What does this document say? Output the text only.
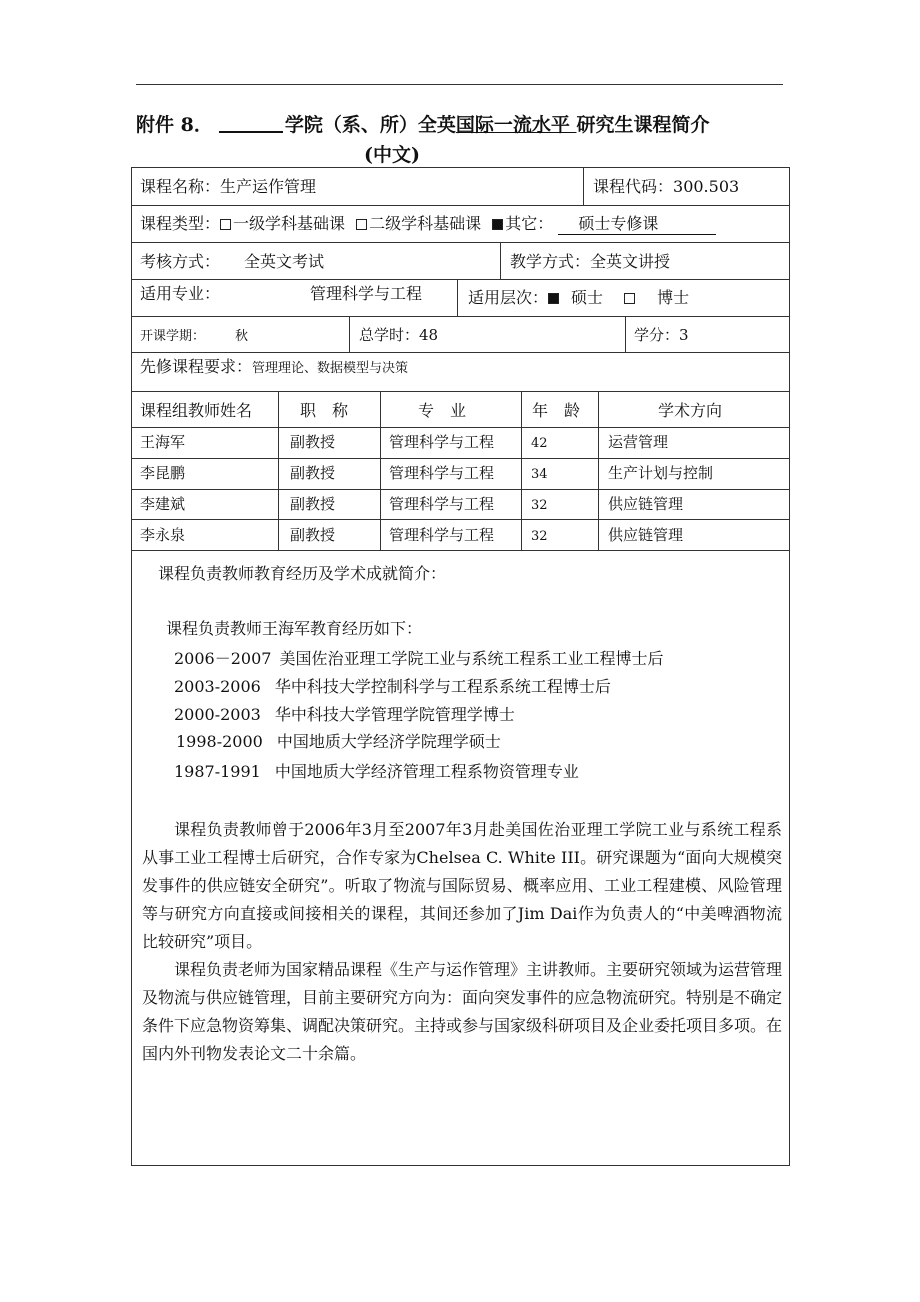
附件 8．	学院（系、所）全英国际一流水平 研究生课程简介
(中文)
课程名称：生产运作管理	课程代码：300.503
课程类型： 一级学科基础课 二级学科基础课 其它： 硕士专修课
考核方式： 全英文考试	教学方式：全英文讲授
适用专业：	管理科学与工程	适用层次： 硕士	博士
开课学期： 秋	总学时：48	学分：3
先修课程要求：管理理论、数据模型与决策
课程组教师姓名	职　称	专　业	年　龄	学术方向
王海军	副教授	管理科学与工程	42	运营管理
李昆鹏	副教授	管理科学与工程	34	生产计划与控制
李建斌	副教授	管理科学与工程	32	供应链管理
李永泉	副教授	管理科学与工程	32	供应链管理
课程负责教师教育经历及学术成就简介：
课程负责教师王海军教育经历如下：
2006－2007 美国佐治亚理工学院工业与系统工程系工业工程博士后
2003-2006 华中科技大学控制科学与工程系系统工程博士后
2000-2003 华中科技大学管理学院管理学博士
1998-2000 中国地质大学经济学院理学硕士
1987-1991 中国地质大学经济管理工程系物资管理专业
课程负责教师曾于2006年3月至2007年3月赴美国佐治亚理工学院工业与系统工程系从事工业工程博士后研究，合作专家为Chelsea C. White III。研究课题为“面向大规模突发事件的供应链安全研究”。听取了物流与国际贸易、概率应用、工业工程建模、风险管理等与研究方向直接或间接相关的课程，其间还参加了Jim Dai作为负责人的“中美啤酒物流比较研究”项目。
课程负责老师为国家精品课程《生产与运作管理》主讲教师。主要研究领域为运营管理及物流与供应链管理，目前主要研究方向为：面向突发事件的应急物流研究。特别是不确定条件下应急物资筹集、调配决策研究。主持或参与国家级科研项目及企业委托项目多项。在国内外刊物发表论文二十余篇。
